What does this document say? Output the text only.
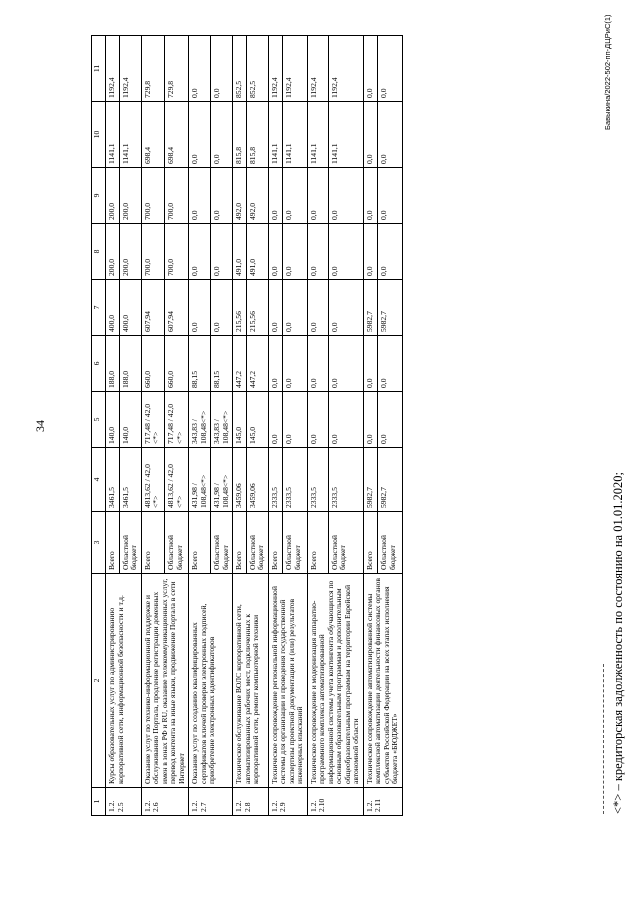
34
1	2	3	4	5	6	7	8	9	10	11
1.2. 2.5	Курсы образовательных услуг по администрированию корпоративной сети, информационной безопасности и т.д.	Всего	3461,5	140,0	188,0	400,0	200,0	200,0	1141,1	1192,4
		Областной бюджет	3461,5	140,0	188,0	400,0	200,0	200,0	1141,1	1192,4
1.2. 2.6	Оказание услуг по технико-информационной поддержке и обслуживанию Портала, продление регистрации доменных имен в зонах РФ и RU, оказание телекоммуникационных услуг, перевод контента на иные языки, продвижение Портала в сети Интернет	Всего	4813,62 / 42,0 <*>	717,48 / 42,0 <*>	660,0	607,94	700,0	700,0	698,4	729,8
		Областной бюджет	4813,62 / 42,0 <*>	717,48 / 42,0 <*>	660,0	607,94	700,0	700,0	698,4	729,8
1.2. 2.7	Оказание услуг по созданию квалифицированных сертификатов ключей проверки электронных подписей, приобретение электронных идентификаторов	Всего	431,98 / 108,48<*>	343,83 / 108,48<*>	88,15	0,0	0,0	0,0	0,0	0,0
		Областной бюджет	431,98 / 108,48<*>	343,83 / 108,48<*>	88,15	0,0	0,0	0,0	0,0	0,0
1.2. 2.8	Техническое обслуживание ВОЛС корпоративной сети, автоматизированных рабочих мест, подключенных к корпоративной сети, ремонт компьютерной техники	Всего	3459,06	145,0	447,2	215,56	491,0	492,0	815,8	852,5
		Областной бюджет	3459,06	145,0	447,2	215,56	491,0	492,0	815,8	852,5
1.2. 2.9	Техническое сопровождение региональной информационной системы для организации и проведения государственной экспертизы проектной документации и (или) результатов инженерных изысканий	Всего	2333,5	0,0	0,0	0,0	0,0	0,0	1141,1	1192,4
		Областной бюджет	2333,5	0,0	0,0	0,0	0,0	0,0	1141,1	1192,4
1.2. 2.10	Техническое сопровождение и модернизация аппаратно-программного комплекса автоматизированной информационной системы учета контингента обучающихся по основным образовательным программам и дополнительным общеобразовательным программам на территории Еврейской автономной области	Всего	2333,5	0,0	0,0	0,0	0,0	0,0	1141,1	1192,4
		Областной бюджет	2333,5	0,0	0,0	0,0	0,0	0,0	1141,1	1192,4
1.2. 2.11	Техническое сопровождение автоматизированной системы комплексной автоматизации деятельности финансовых органов субъектов Российской Федерации на всех этапах исполнения бюджета «БЮДЖЕТ»	Всего	5982,7	0,0	0,0	5982,7	0,0	0,0	0,0	0,0
		Областной бюджет	5982,7	0,0	0,0	5982,7	0,0	0,0	0,0	0,0
<*> – кредиторская задолженность по состоянию на 01.01.2020;
Бавыкина/2022-502-пп-ДЦРиС(1)
